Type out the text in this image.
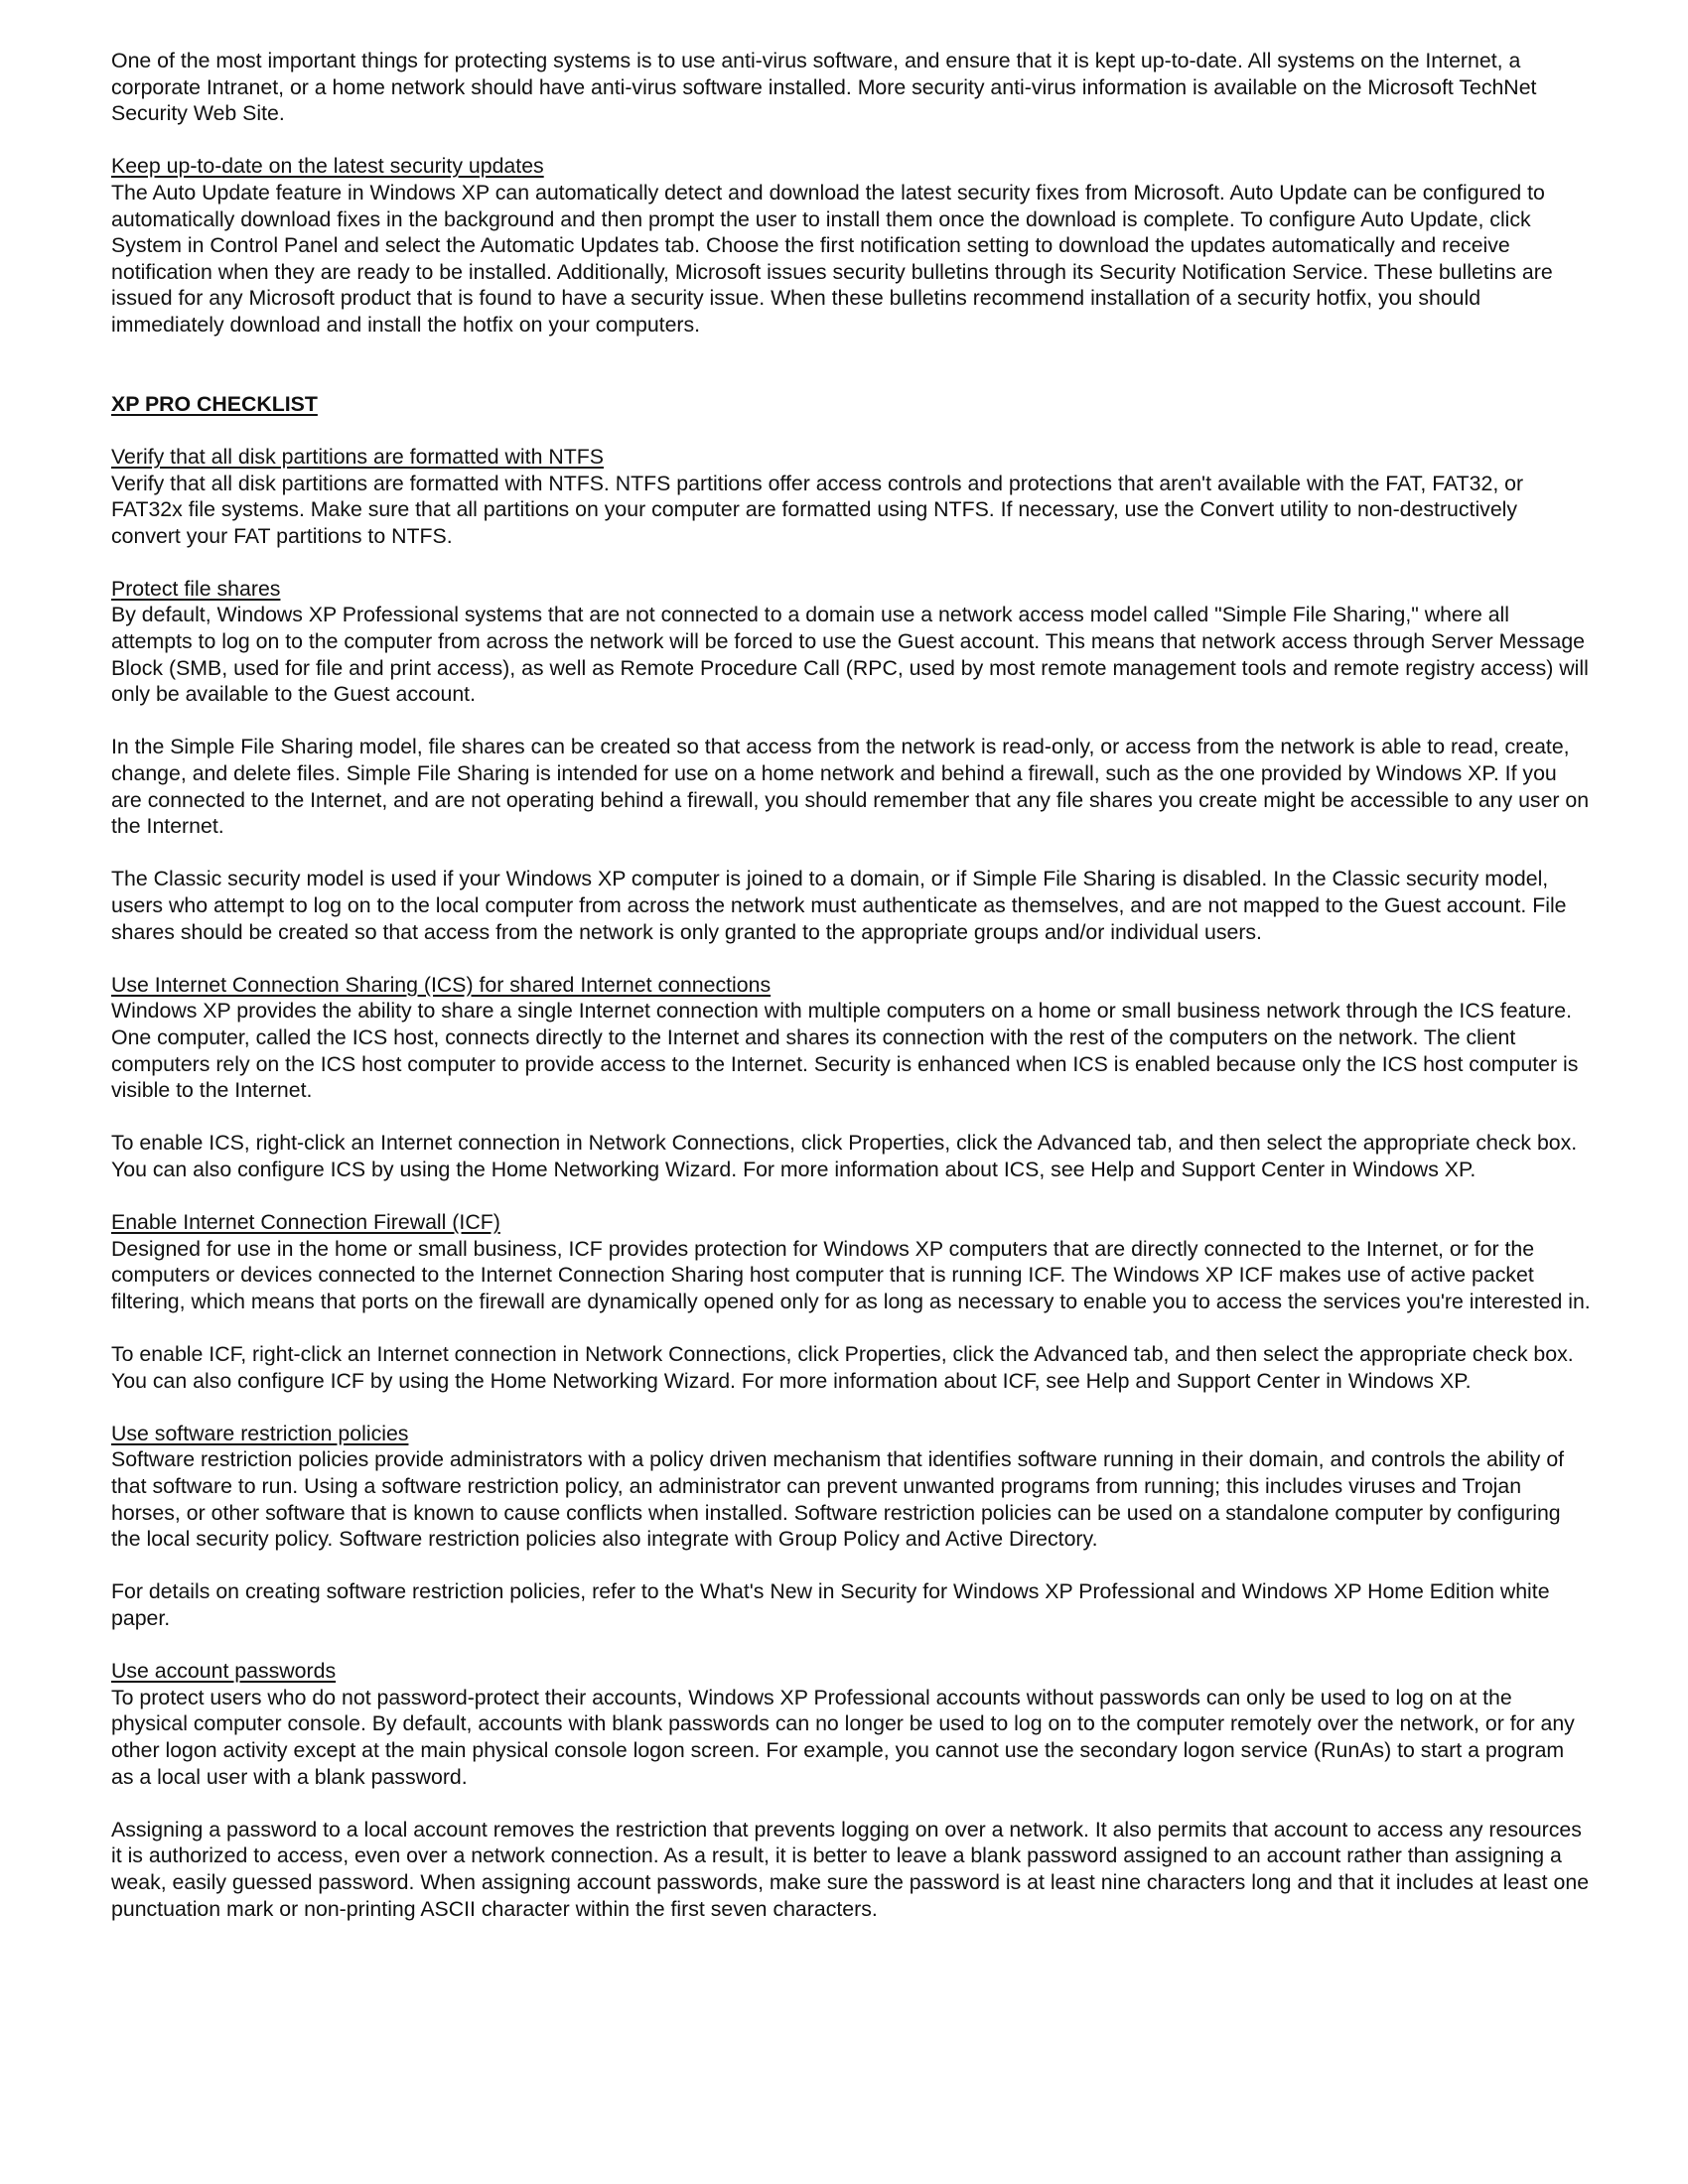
One of the most important things for protecting systems is to use anti-virus software, and ensure that it is kept up-to-date. All systems on the Internet, a corporate Intranet, or a home network should have anti-virus software installed. More security anti-virus information is available on the Microsoft TechNet Security Web Site.

Keep up-to-date on the latest security updates

The Auto Update feature in Windows XP can automatically detect and download the latest security fixes from Microsoft. Auto Update can be configured to automatically download fixes in the background and then prompt the user to install them once the download is complete. To configure Auto Update, click System in Control Panel and select the Automatic Updates tab. Choose the first notification setting to download the updates automatically and receive notification when they are ready to be installed. Additionally, Microsoft issues security bulletins through its Security Notification Service. These bulletins are issued for any Microsoft product that is found to have a security issue. When these bulletins recommend installation of a security hotfix, you should immediately download and install the hotfix on your computers.

XP PRO CHECKLIST

Verify that all disk partitions are formatted with NTFS

Verify that all disk partitions are formatted with NTFS. NTFS partitions offer access controls and protections that aren't available with the FAT, FAT32, or FAT32x file systems. Make sure that all partitions on your computer are formatted using NTFS. If necessary, use the Convert utility to non-destructively convert your FAT partitions to NTFS.

Protect file shares

By default, Windows XP Professional systems that are not connected to a domain use a network access model called "Simple File Sharing," where all attempts to log on to the computer from across the network will be forced to use the Guest account. This means that network access through Server Message Block (SMB, used for file and print access), as well as Remote Procedure Call (RPC, used by most remote management tools and remote registry access) will only be available to the Guest account.

In the Simple File Sharing model, file shares can be created so that access from the network is read-only, or access from the network is able to read, create, change, and delete files. Simple File Sharing is intended for use on a home network and behind a firewall, such as the one provided by Windows XP. If you are connected to the Internet, and are not operating behind a firewall, you should remember that any file shares you create might be accessible to any user on the Internet.

The Classic security model is used if your Windows XP computer is joined to a domain, or if Simple File Sharing is disabled. In the Classic security model, users who attempt to log on to the local computer from across the network must authenticate as themselves, and are not mapped to the Guest account. File shares should be created so that access from the network is only granted to the appropriate groups and/or individual users.

Use Internet Connection Sharing (ICS) for shared Internet connections

Windows XP provides the ability to share a single Internet connection with multiple computers on a home or small business network through the ICS feature. One computer, called the ICS host, connects directly to the Internet and shares its connection with the rest of the computers on the network. The client computers rely on the ICS host computer to provide access to the Internet. Security is enhanced when ICS is enabled because only the ICS host computer is visible to the Internet.

To enable ICS, right-click an Internet connection in Network Connections, click Properties, click the Advanced tab, and then select the appropriate check box. You can also configure ICS by using the Home Networking Wizard. For more information about ICS, see Help and Support Center in Windows XP.

Enable Internet Connection Firewall (ICF)

Designed for use in the home or small business, ICF provides protection for Windows XP computers that are directly connected to the Internet, or for the computers or devices connected to the Internet Connection Sharing host computer that is running ICF. The Windows XP ICF makes use of active packet filtering, which means that ports on the firewall are dynamically opened only for as long as necessary to enable you to access the services you're interested in.

To enable ICF, right-click an Internet connection in Network Connections, click Properties, click the Advanced tab, and then select the appropriate check box. You can also configure ICF by using the Home Networking Wizard. For more information about ICF, see Help and Support Center in Windows XP.

Use software restriction policies

Software restriction policies provide administrators with a policy driven mechanism that identifies software running in their domain, and controls the ability of that software to run. Using a software restriction policy, an administrator can prevent unwanted programs from running; this includes viruses and Trojan horses, or other software that is known to cause conflicts when installed. Software restriction policies can be used on a standalone computer by configuring the local security policy. Software restriction policies also integrate with Group Policy and Active Directory.

For details on creating software restriction policies, refer to the What's New in Security for Windows XP Professional and Windows XP Home Edition white paper.

Use account passwords

To protect users who do not password-protect their accounts, Windows XP Professional accounts without passwords can only be used to log on at the physical computer console. By default, accounts with blank passwords can no longer be used to log on to the computer remotely over the network, or for any other logon activity except at the main physical console logon screen. For example, you cannot use the secondary logon service (RunAs) to start a program as a local user with a blank password.

Assigning a password to a local account removes the restriction that prevents logging on over a network. It also permits that account to access any resources it is authorized to access, even over a network connection. As a result, it is better to leave a blank password assigned to an account rather than assigning a weak, easily guessed password. When assigning account passwords, make sure the password is at least nine characters long and that it includes at least one punctuation mark or non-printing ASCII character within the first seven characters.
